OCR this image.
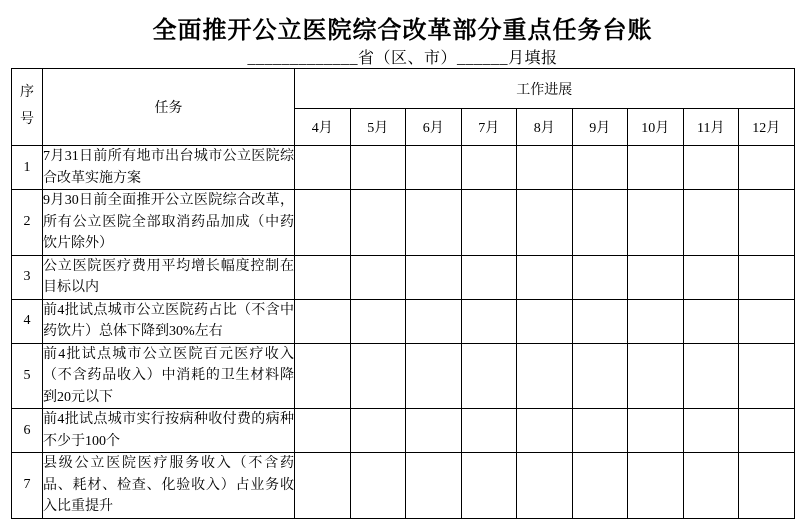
全面推开公立医院综合改革部分重点任务台账
_____________省（区、市）______月填报
序号	任务	工作进展								
		4月	5月	6月	7月	8月	9月	10月	11月	12月
1	7月31日前所有地市出台城市公立医院综合改革实施方案									
2	9月30日前全面推开公立医院综合改革，所有公立医院全部取消药品加成（中药饮片除外）									
3	公立医院医疗费用平均增长幅度控制在目标以内									
4	前4批试点城市公立医院药占比（不含中药饮片）总体下降到30%左右									
5	前4批试点城市公立医院百元医疗收入（不含药品收入）中消耗的卫生材料降到20元以下									
6	前4批试点城市实行按病种收付费的病种不少于100个									
7	县级公立医院医疗服务收入（不含药品、耗材、检查、化验收入）占业务收入比重提升									
